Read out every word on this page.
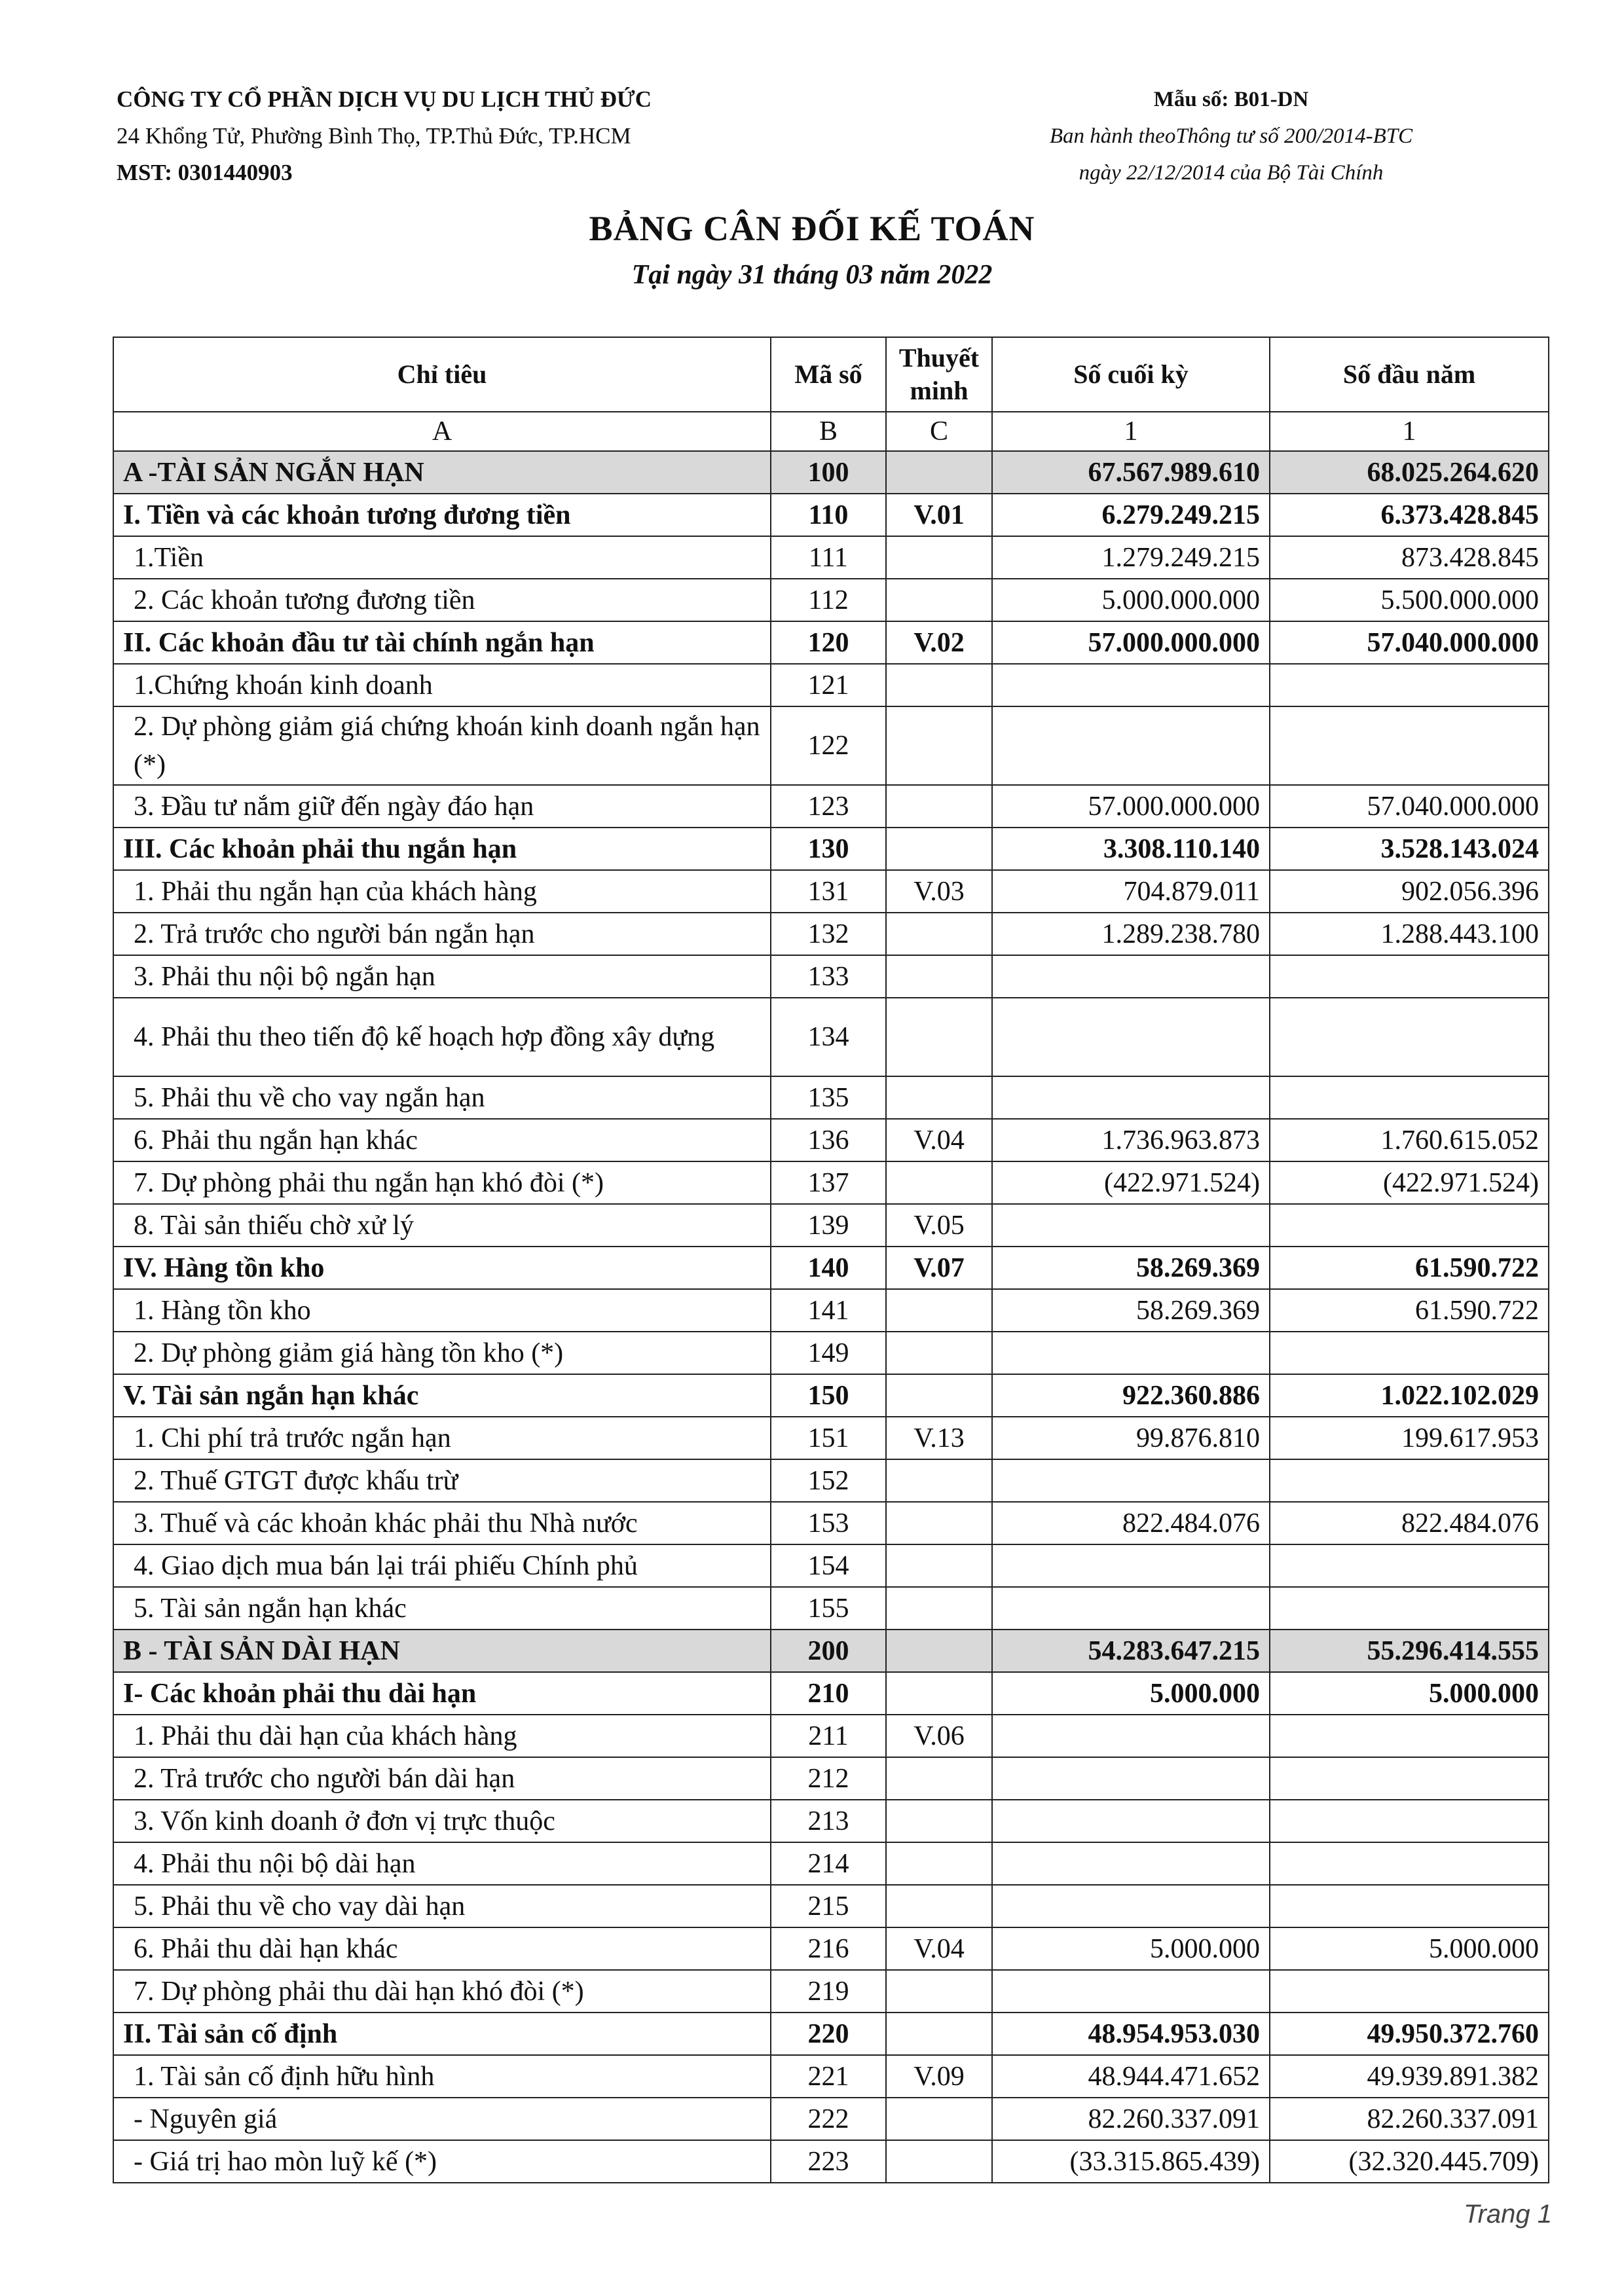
CÔNG TY CỔ PHẦN DỊCH VỤ DU LỊCH THỦ ĐỨC
24 Khổng Tử, Phường Bình Thọ, TP.Thủ Đức, TP.HCM
MST: 0301440903
Mẫu số: B01-DN
Ban hành theoThông tư số 200/2014-BTC
ngày 22/12/2014 của Bộ Tài Chính
BẢNG CÂN ĐỐI KẾ TOÁN
Tại ngày 31 tháng 03 năm 2022
Chỉ tiêu	Mã số	Thuyết minh	Số cuối kỳ	Số đầu năm
A	B	C	1	1
A -TÀI SẢN NGẮN HẠN	100		67.567.989.610	68.025.264.620
I. Tiền và các khoản tương đương tiền	110	V.01	6.279.249.215	6.373.428.845
1.Tiền	111		1.279.249.215	873.428.845
2. Các khoản tương đương tiền	112		5.000.000.000	5.500.000.000
II. Các khoản đầu tư tài chính ngắn hạn	120	V.02	57.000.000.000	57.040.000.000
1.Chứng khoán kinh doanh	121			
2. Dự phòng giảm giá chứng khoán kinh doanh ngắn hạn (*)	122			
3. Đầu tư nắm giữ đến ngày đáo hạn	123		57.000.000.000	57.040.000.000
III. Các khoản phải thu ngắn hạn	130		3.308.110.140	3.528.143.024
1. Phải thu ngắn hạn của khách hàng	131	V.03	704.879.011	902.056.396
2. Trả trước cho người bán ngắn hạn	132		1.289.238.780	1.288.443.100
3. Phải thu nội bộ ngắn hạn	133			
4. Phải thu theo tiến độ kế hoạch hợp đồng xây dựng	134			
5. Phải thu về cho vay ngắn hạn	135			
6. Phải thu ngắn hạn khác	136	V.04	1.736.963.873	1.760.615.052
7. Dự phòng phải thu ngắn hạn khó đòi (*)	137		(422.971.524)	(422.971.524)
8. Tài sản thiếu chờ xử lý	139	V.05		
IV. Hàng tồn kho	140	V.07	58.269.369	61.590.722
1. Hàng tồn kho	141		58.269.369	61.590.722
2. Dự phòng giảm giá hàng tồn kho (*)	149			
V. Tài sản ngắn hạn khác	150		922.360.886	1.022.102.029
1. Chi phí trả trước ngắn hạn	151	V.13	99.876.810	199.617.953
2. Thuế GTGT được khấu trừ	152			
3. Thuế và các khoản khác phải thu Nhà nước	153		822.484.076	822.484.076
4. Giao dịch mua bán lại trái phiếu Chính phủ	154			
5. Tài sản ngắn hạn khác	155			
B - TÀI SẢN DÀI HẠN	200		54.283.647.215	55.296.414.555
I- Các khoản phải thu dài hạn	210		5.000.000	5.000.000
1. Phải thu dài hạn của khách hàng	211	V.06		
2. Trả trước cho người bán dài hạn	212			
3. Vốn kinh doanh ở đơn vị trực thuộc	213			
4. Phải thu nội bộ dài hạn	214			
5. Phải thu về cho vay dài hạn	215			
6. Phải thu dài hạn khác	216	V.04	5.000.000	5.000.000
7. Dự phòng phải thu dài hạn khó đòi (*)	219			
II. Tài sản cố định	220		48.954.953.030	49.950.372.760
1. Tài sản cố định hữu hình	221	V.09	48.944.471.652	49.939.891.382
- Nguyên giá	222		82.260.337.091	82.260.337.091
- Giá trị hao mòn luỹ kế (*)	223		(33.315.865.439)	(32.320.445.709)
Trang 1
